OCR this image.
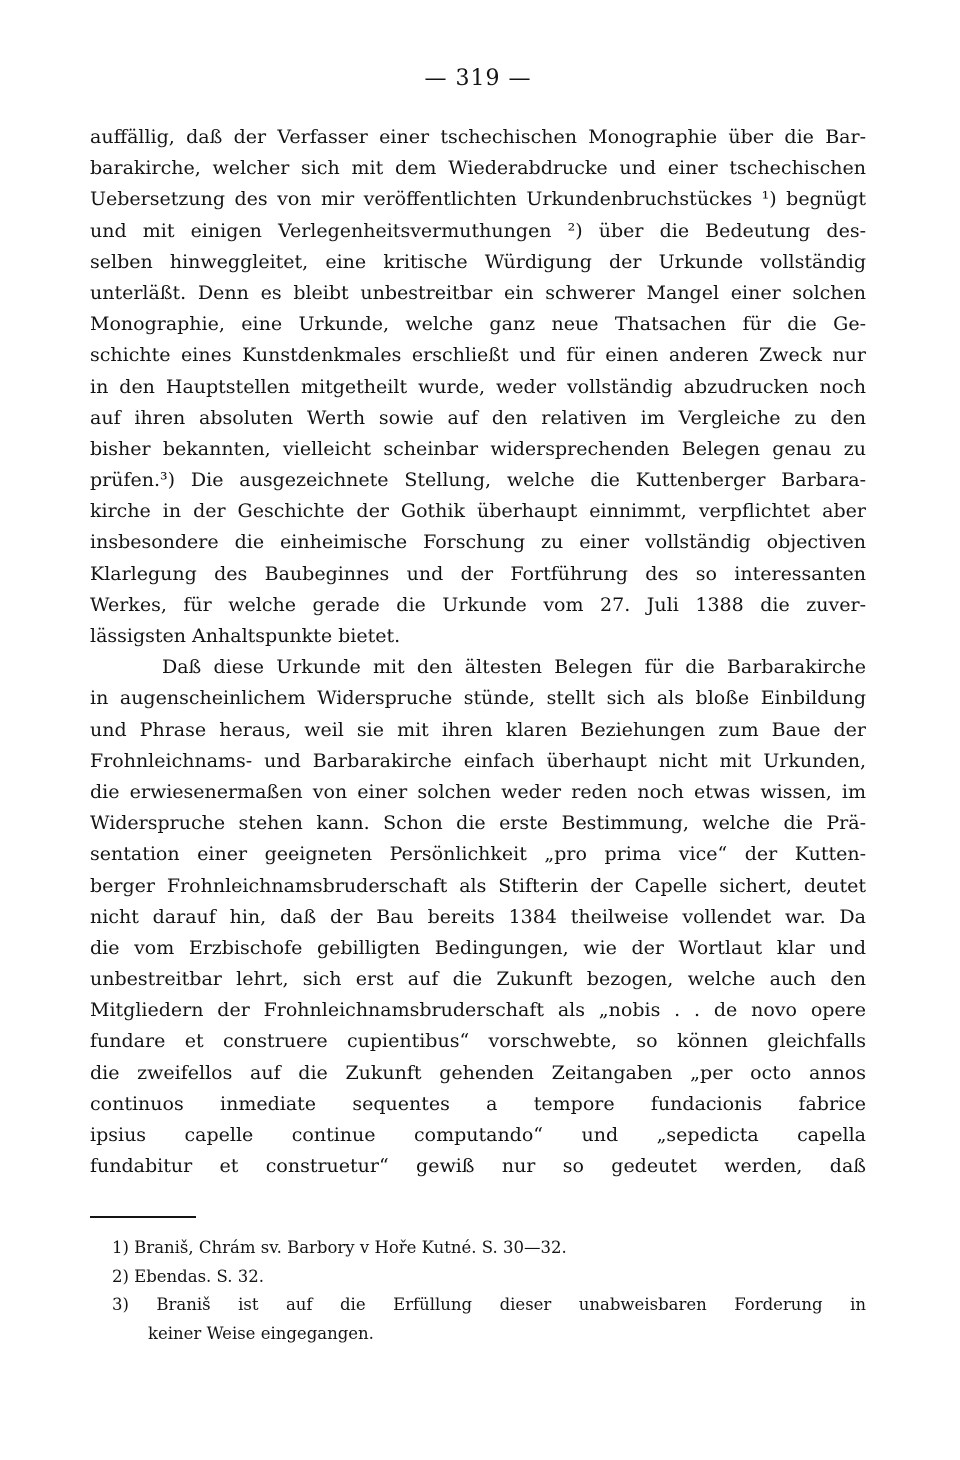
— 319 —
auffällig, daß der Verfasser einer tschechischen Monographie über die Bar-
barakirche, welcher sich mit dem Wiederabdrucke und einer tschechischen
Uebersetzung des von mir veröffentlichten Urkundenbruchstückes ¹) begnügt
und mit einigen Verlegenheitsvermuthungen ²) über die Bedeutung des-
selben hinweggleitet, eine kritische Würdigung der Urkunde vollständig
unterläßt. Denn es bleibt unbestreitbar ein schwerer Mangel einer solchen
Monographie, eine Urkunde, welche ganz neue Thatsachen für die Ge-
schichte eines Kunstdenkmales erschließt und für einen anderen Zweck nur
in den Hauptstellen mitgetheilt wurde, weder vollständig abzudrucken noch
auf ihren absoluten Werth sowie auf den relativen im Vergleiche zu den
bisher bekannten, vielleicht scheinbar widersprechenden Belegen genau zu
prüfen.³) Die ausgezeichnete Stellung, welche die Kuttenberger Barbara-
kirche in der Geschichte der Gothik überhaupt einnimmt, verpflichtet aber
insbesondere die einheimische Forschung zu einer vollständig objectiven
Klarlegung des Baubeginnes und der Fortführung des so interessanten
Werkes, für welche gerade die Urkunde vom 27. Juli 1388 die zuver-
lässigsten Anhaltspunkte bietet.
Daß diese Urkunde mit den ältesten Belegen für die Barbarakirche
in augenscheinlichem Widerspruche stünde, stellt sich als bloße Einbildung
und Phrase heraus, weil sie mit ihren klaren Beziehungen zum Baue der
Frohnleichnams- und Barbarakirche einfach überhaupt nicht mit Urkunden,
die erwiesenermaßen von einer solchen weder reden noch etwas wissen, im
Widerspruche stehen kann. Schon die erste Bestimmung, welche die Prä-
sentation einer geeigneten Persönlichkeit „pro prima vice“ der Kutten-
berger Frohnleichnamsbruderschaft als Stifterin der Capelle sichert, deutet
nicht darauf hin, daß der Bau bereits 1384 theilweise vollendet war. Da
die vom Erzbischofe gebilligten Bedingungen, wie der Wortlaut klar und
unbestreitbar lehrt, sich erst auf die Zukunft bezogen, welche auch den
Mitgliedern der Frohnleichnamsbruderschaft als „nobis . . de novo opere
fundare et construere cupientibus“ vorschwebte, so können gleichfalls
die zweifellos auf die Zukunft gehenden Zeitangaben „per octo annos
continuos inmediate sequentes a tempore fundacionis fabrice
ipsius capelle continue computando“ und „sepedicta capella
fundabitur et construetur“ gewiß nur so gedeutet werden, daß
1) Braniš, Chrám sv. Barbory v Hoře Kutné. S. 30—32.
2) Ebendas. S. 32.
3) Braniš ist auf die Erfüllung dieser unabweisbaren Forderung in
keiner Weise eingegangen.
